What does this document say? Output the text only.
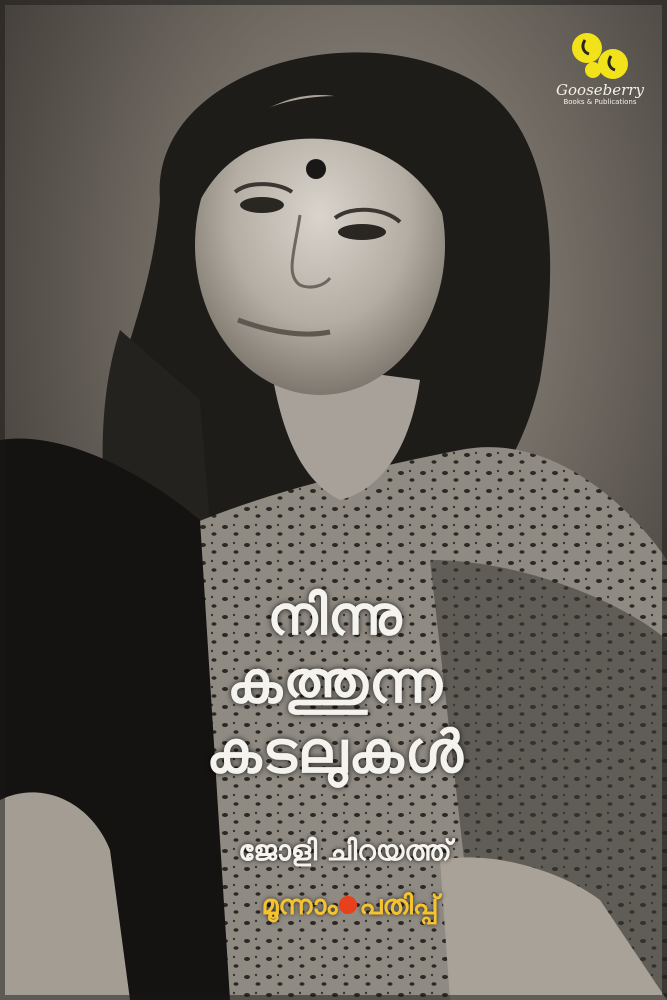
Gooseberry
Books & Publications
നിന്നു
കത്തുന്ന
കടലുകൾ
ജോളി ചിറയത്ത്
മൂന്നാം പതിപ്പ്
